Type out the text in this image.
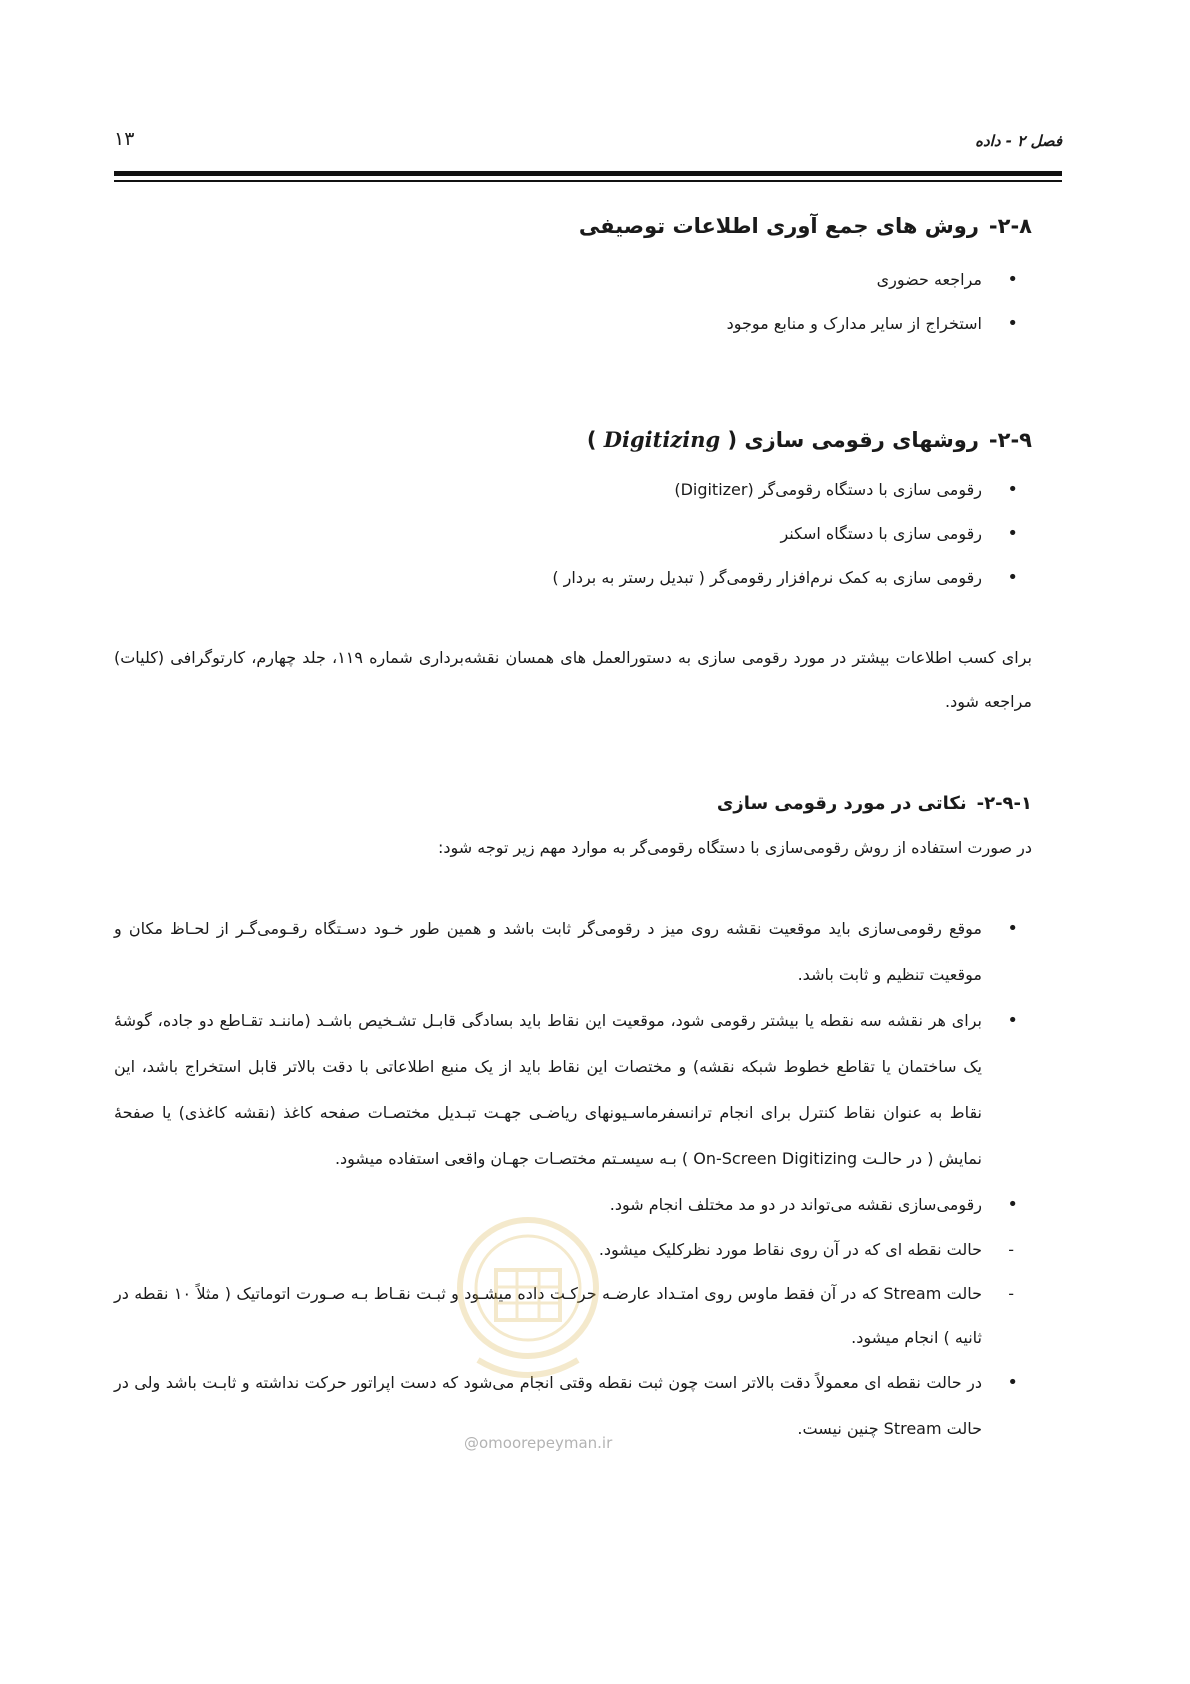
۱۳	فصل ۲ - داده
۲-۸-روش های جمع آوری اطلاعات توصیفی
• مراجعه حضوری
• استخراج از سایر مدارک و منابع موجود
۲-۹-روشهای رقومی سازی ( Digitizing )
• رقومی سازی با دستگاه رقومی‌گر (Digitizer)
• رقومی سازی با دستگاه اسکنر
• رقومی سازی به کمک نرم‌افزار رقومی‌گر ( تبدیل رستر به بردار )

برای کسب اطلاعات بیشتر در مورد رقومی سازی به دستورالعمل های همسان نقشه‌برداری شماره ۱۱۹، جلد چهارم، کارتوگرافی (کلیات) مراجعه شود.

۲-۹-۱-نکاتی در مورد رقومی سازی

در صورت استفاده از روش رقومی‌سازی با دستگاه رقومی‌گر به موارد مهم زیر توجه شود:

• موقع رقومی‌سازی باید موقعیت نقشه روی میز د رقومی‌گر ثابت باشد و همین طور خـود دسـتگاه رقـومی‌گـر از لحـاظ مکان و موقعیت تنظیم و ثابت باشد.
• برای هر نقشه سه نقطه یا بیشتر رقومی شود، موقعیت این نقاط باید بسادگی قابـل تشـخیص باشـد (ماننـد تقـاطع دو جاده، گوشهٔ یک ساختمان یا تقاطع خطوط شبکه نقشه) و مختصات این نقاط باید از یک منبع اطلاعاتی با دقت بالاتر قابل استخراج باشد، این نقاط به عنوان نقاط کنترل برای انجام ترانسفرماسـیونهای ریاضـی جهـت تبـدیل مختصـات صفحه کاغذ (نقشه کاغذی) یا صفحهٔ نمایش ( در حالـت On-Screen Digitizing ) بـه سیسـتم مختصـات جهـان واقعی استفاده میشود.
• رقومی‌سازی نقشه می‌تواند در دو مد مختلف انجام شود.
- حالت نقطه ای که در آن روی نقاط مورد نظرکلیک میشود.
- حالت Stream که در آن فقط ماوس روی امتـداد عارضـه حرکـت داده میشـود و ثبـت نقـاط بـه صـورت اتوماتیک ( مثلاً ۱۰ نقطه در ثانیه ) انجام میشود.
• در حالت نقطه ای معمولاً دقت بالاتر است چون ثبت نقطه وقتی انجام می‌شود که دست اپراتور حرکت نداشته و ثابـت باشد ولی در حالت Stream چنین نیست.
@omoorepeyman.ir
